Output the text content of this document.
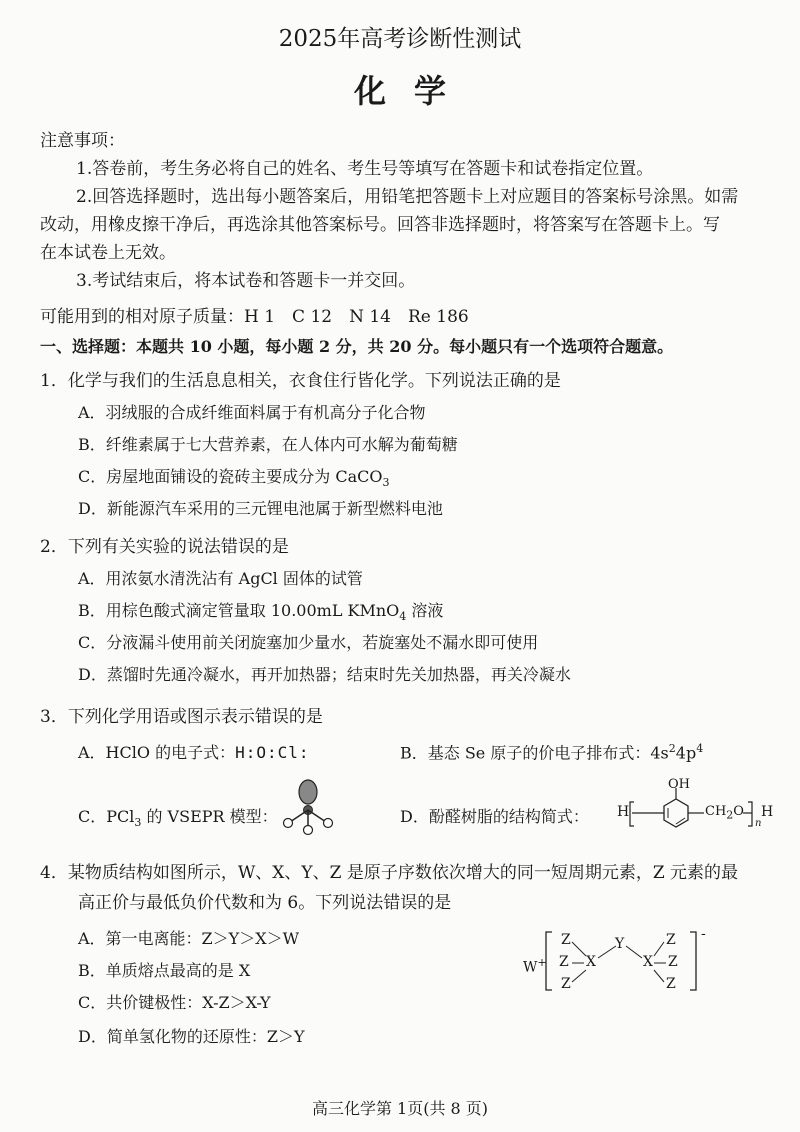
2025年高考诊断性测试
化学
注意事项：
1.答卷前，考生务必将自己的姓名、考生号等填写在答题卡和试卷指定位置。
2.回答选择题时，选出每小题答案后，用铅笔把答题卡上对应题目的答案标号涂黑。如需
改动，用橡皮擦干净后，再选涂其他答案标号。回答非选择题时，将答案写在答题卡上。写
在本试卷上无效。
3.考试结束后，将本试卷和答题卡一并交回。
可能用到的相对原子质量：H 1　C 12　N 14　Re 186
一、选择题：本题共 10 小题，每小题 2 分，共 20 分。每小题只有一个选项符合题意。
1．化学与我们的生活息息相关，衣食住行皆化学。下列说法正确的是
A．羽绒服的合成纤维面料属于有机高分子化合物
B．纤维素属于七大营养素，在人体内可水解为葡萄糖
C．房屋地面铺设的瓷砖主要成分为 CaCO$_3$
D．新能源汽车采用的三元锂电池属于新型燃料电池
2．下列有关实验的说法错误的是
A．用浓氨水清洗沾有 AgCl 固体的试管
B．用棕色酸式滴定管量取 10.00mL KMnO$_4$ 溶液
C．分液漏斗使用前关闭旋塞加少量水，若旋塞处不漏水即可使用
D．蒸馏时先通冷凝水，再开加热器；结束时先关加热器，再关冷凝水
3．下列化学用语或图示表示错误的是
A．HClO 的电子式：H:O:Cl:	B．基态 Se 原子的价电子排布式：$4s^24p^4$
C．PCl$_3$ 的 VSEPR 模型：	D．酚醛树脂的结构简式：
OH
H	$CH_2O$
n
H
4．某物质结构如图所示，W、X、Y、Z 是原子序数依次增大的同一短周期元素，Z 元素的最
高正价与最低负价代数和为 6。下列说法错误的是
A．第一电离能：Z＞Y＞X＞W
B．单质熔点最高的是 X
C．共价键极性：X-Z＞X-Y
D．简单氢化物的还原性：Z＞Y
W+
-
Z
Z
Z
X
Y
X
Z
Z
Z
高三化学第 1页(共 8 页)
